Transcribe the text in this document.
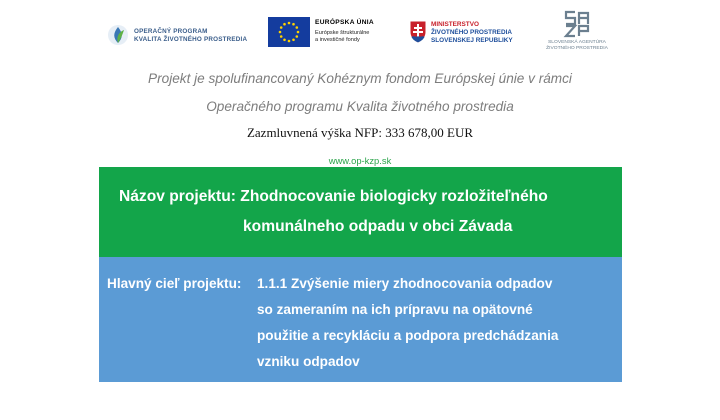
OPERAČNÝ PROGRAM
KVALITA ŽIVOTNÉHO PROSTREDIA
EURÓPSKA ÚNIA
Európske štrukturálne
a investičné fondy
MINISTERSTVO
ŽIVOTNÉHO PROSTREDIA
SLOVENSKEJ REPUBLIKY	SLOVENSKÁ AGENTÚRA
ŽIVOTNÉHO PROSTREDIA
Projekt je spolufinancovaný Kohéznym fondom Európskej únie v rámci
Operačného programu Kvalita životného prostredia
Zazmluvnená výška NFP: 333 678,00 EUR
www.op-kzp.sk
Názov projektu: Zhodnocovanie biologicky rozložiteľného
komunálneho odpadu v obci Závada
Hlavný cieľ projektu: 1.1.1 Zvýšenie miery zhodnocovania odpadov
so zameraním na ich prípravu na opätovné
použitie a recykláciu a podpora predchádzania
vzniku odpadov
